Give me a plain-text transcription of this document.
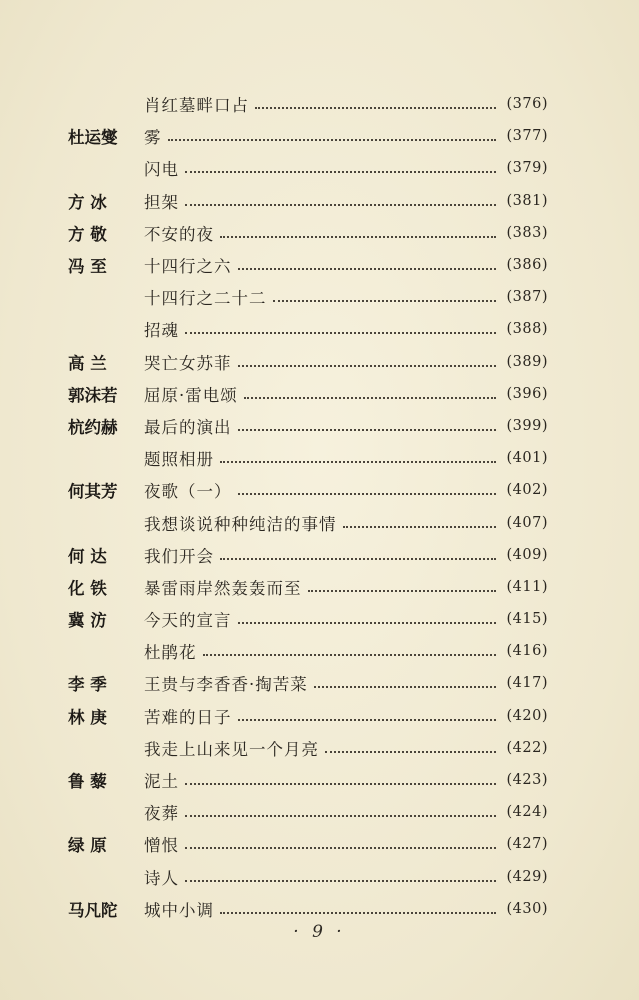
肖红墓畔口占	(376)
杜运燮	雾	(377)
闪电	(379)
方 冰	担架	(381)
方 敬	不安的夜	(383)
冯 至	十四行之六	(386)
十四行之二十二	(387)
招魂	(388)
高 兰	哭亡女苏菲	(389)
郭沫若	屈原·雷电颂	(396)
杭约赫	最后的演出	(399)
题照相册	(401)
何其芳	夜歌（一）	(402)
我想谈说种种纯洁的事情	(407)
何 达	我们开会	(409)
化 铁	暴雷雨岸然轰轰而至	(411)
冀 汸	今天的宣言	(415)
杜鹃花	(416)
李 季	王贵与李香香·掏苦菜	(417)
林 庚	苦难的日子	(420)
我走上山来见一个月亮	(422)
鲁 藜	泥土	(423)
夜葬	(424)
绿 原	憎恨	(427)
诗人	(429)
马凡陀	城中小调	(430)
· 9 ·
